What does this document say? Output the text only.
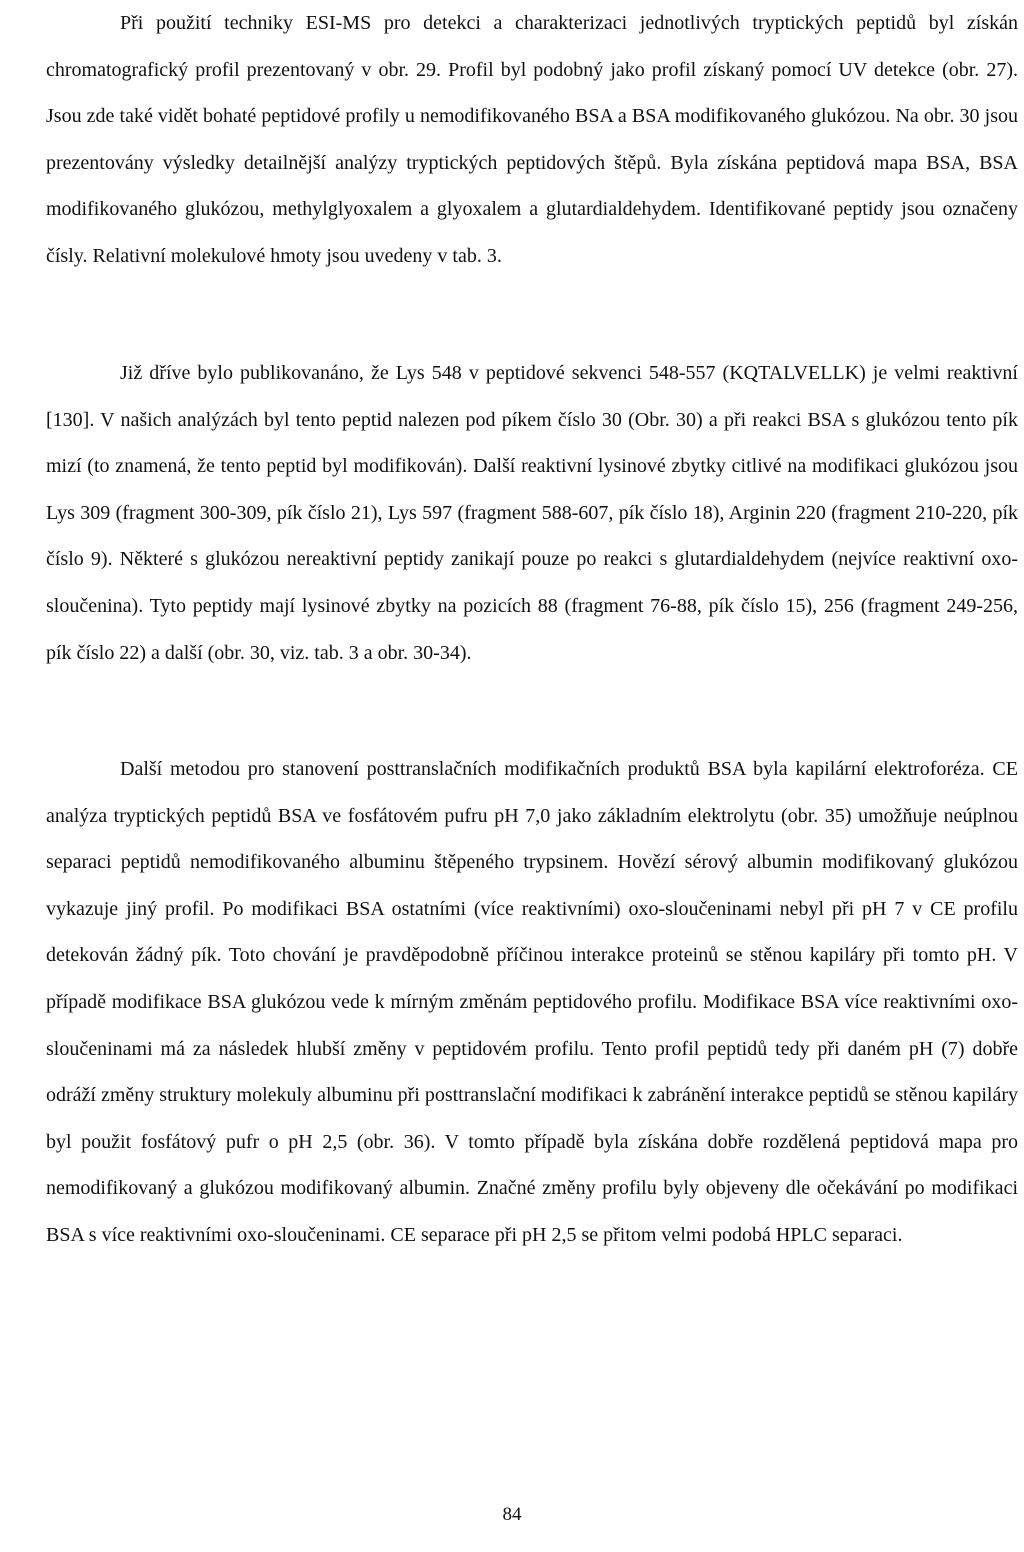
Při použití techniky ESI-MS pro detekci a charakterizaci jednotlivých tryptických peptidů byl získán chromatografický profil prezentovaný v obr. 29. Profil byl podobný jako profil získaný pomocí UV detekce (obr. 27). Jsou zde také vidět bohaté peptidové profily u nemodifikovaného BSA a BSA modifikovaného glukózou. Na obr. 30 jsou prezentovány výsledky detailnější analýzy tryptických peptidových štěpů. Byla získána peptidová mapa BSA, BSA modifikovaného glukózou, methylglyoxalem a glyoxalem a glutardialdehydem. Identifikované peptidy jsou označeny čísly. Relativní molekulové hmoty jsou uvedeny v tab. 3.

Již dříve bylo publikovanáno, že Lys 548 v peptidové sekvenci 548-557 (KQTALVELLK) je velmi reaktivní [130]. V našich analýzách byl tento peptid nalezen pod píkem číslo 30 (Obr. 30) a při reakci BSA s glukózou tento pík mizí (to znamená, že tento peptid byl modifikován). Další reaktivní lysinové zbytky citlivé na modifikaci glukózou jsou Lys 309 (fragment 300-309, pík číslo 21), Lys 597 (fragment 588-607, pík číslo 18), Arginin 220 (fragment 210-220, pík číslo 9). Některé s glukózou nereaktivní peptidy zanikají pouze po reakci s glutardialdehydem (nejvíce reaktivní oxo-sloučenina). Tyto peptidy mají lysinové zbytky na pozicích 88 (fragment 76-88, pík číslo 15), 256 (fragment 249-256, pík číslo 22) a další (obr. 30, viz. tab. 3 a obr. 30-34).

Další metodou pro stanovení posttranslačních modifikačních produktů BSA byla kapilární elektroforéza. CE analýza tryptických peptidů BSA ve fosfátovém pufru pH 7,0 jako základním elektrolytu (obr. 35) umožňuje neúplnou separaci peptidů nemodifikovaného albuminu štěpeného trypsinem. Hovězí sérový albumin modifikovaný glukózou vykazuje jiný profil. Po modifikaci BSA ostatními (více reaktivními) oxo-sloučeninami nebyl při pH 7 v CE profilu detekován žádný pík. Toto chování je pravděpodobně příčinou interakce proteinů se stěnou kapiláry při tomto pH. V případě modifikace BSA glukózou vede k mírným změnám peptidového profilu. Modifikace BSA více reaktivními oxo-sloučeninami má za následek hlubší změny v peptidovém profilu. Tento profil peptidů tedy při daném pH (7) dobře odráží změny struktury molekuly albuminu při posttranslační modifikaci k zabránění interakce peptidů se stěnou kapiláry byl použit fosfátový pufr o pH 2,5 (obr. 36). V tomto případě byla získána dobře rozdělená peptidová mapa pro nemodifikovaný a glukózou modifikovaný albumin. Značné změny profilu byly objeveny dle očekávání po modifikaci BSA s více reaktivními oxo-sloučeninami. CE separace při pH 2,5 se přitom velmi podobá HPLC separaci.

84
